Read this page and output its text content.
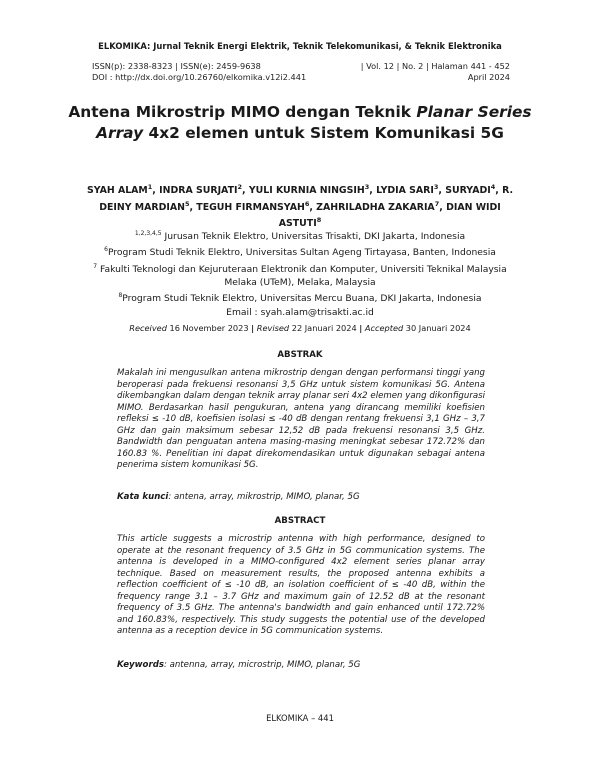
ELKOMIKA: Jurnal Teknik Energi Elektrik, Teknik Telekomunikasi, & Teknik Elektronika
ISSN(p): 2338-8323 | ISSN(e): 2459-9638
DOI : http://dx.doi.org/10.26760/elkomika.v12i2.441
| Vol. 12 | No. 2 | Halaman 441 - 452
April 2024
Antena Mikrostrip MIMO dengan Teknik Planar Series Array 4x2 elemen untuk Sistem Komunikasi 5G
SYAH ALAM$^1$, INDRA SURJATI$^2$, YULI KURNIA NINGSIH$^3$, LYDIA SARI$^3$, SURYADI$^4$, R. DEINY MARDIAN$^5$, TEGUH FIRMANSYAH$^6$, ZAHRILADHA ZAKARIA$^7$, DIAN WIDI ASTUTI$^8$
$^{1,2,3,4,5}$ Jurusan Teknik Elektro, Universitas Trisakti, DKI Jakarta, Indonesia
$^6$Program Studi Teknik Elektro, Universitas Sultan Ageng Tirtayasa, Banten, Indonesia
$^7$ Fakulti Teknologi dan Kejuruteraan Elektronik dan Komputer, Universiti Teknikal Malaysia Melaka (UTeM), Melaka, Malaysia
$^8$Program Studi Teknik Elektro, Universitas Mercu Buana, DKI Jakarta, Indonesia
Email : syah.alam@trisakti.ac.id
Received 16 November 2023 | Revised 22 Januari 2024 | Accepted 30 Januari 2024
ABSTRAK
Makalah ini mengusulkan antena mikrostrip dengan dengan performansi tinggi yang beroperasi pada frekuensi resonansi 3,5 GHz untuk sistem komunikasi 5G. Antena dikembangkan dalam dengan teknik array planar seri 4x2 elemen yang dikonfigurasi MIMO. Berdasarkan hasil pengukuran, antena yang dirancang memiliki koefisien refleksi ≤ -10 dB, koefisien isolasi ≤ -40 dB dengan rentang frekuensi 3,1 GHz – 3,7 GHz dan gain maksimum sebesar 12,52 dB pada frekuensi resonansi 3,5 GHz. Bandwidth dan penguatan antena masing-masing meningkat sebesar 172.72% dan 160.83 %. Penelitian ini dapat direkomendasikan untuk digunakan sebagai antena penerima sistem komunikasi 5G.
Kata kunci: antena, array, mikrostrip, MIMO, planar, 5G
ABSTRACT
This article suggests a microstrip antenna with high performance, designed to operate at the resonant frequency of 3.5 GHz in 5G communication systems. The antenna is developed in a MIMO-configured 4x2 element series planar array technique. Based on measurement results, the proposed antenna exhibits a reflection coefficient of ≤ -10 dB, an isolation coefficient of ≤ -40 dB, within the frequency range 3.1 – 3.7 GHz and maximum gain of 12.52 dB at the resonant frequency of 3.5 GHz. The antenna's bandwidth and gain enhanced until 172.72% and 160.83%, respectively. This study suggests the potential use of the developed antenna as a reception device in 5G communication systems.
Keywords: antenna, array, microstrip, MIMO, planar, 5G
ELKOMIKA – 441
